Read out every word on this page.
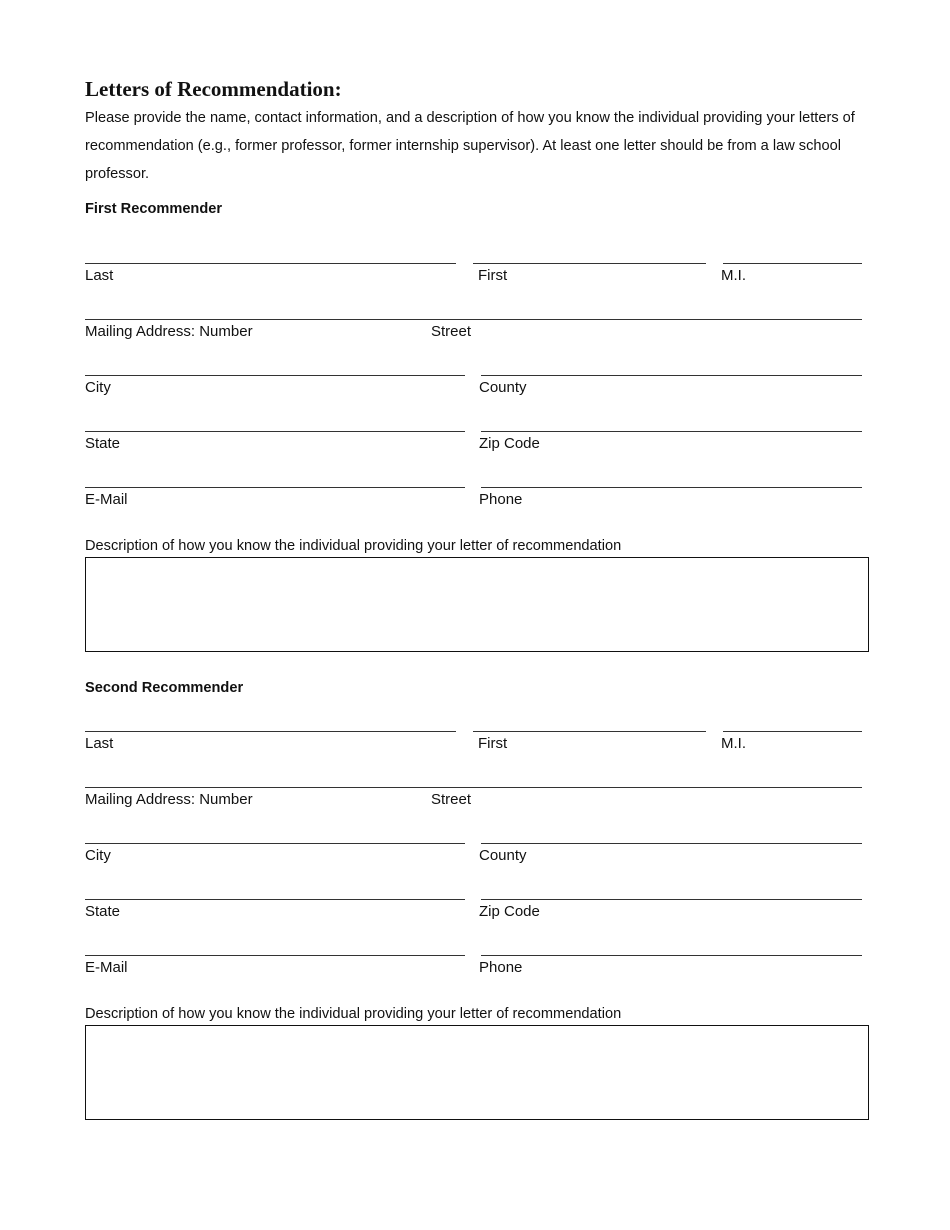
Letters of Recommendation:

Please provide the name, contact information, and a description of how you know the individual providing your letters of recommendation (e.g., former professor, former internship supervisor). At least one letter should be from a law school professor.

First Recommender
Last	First	M.I.
Mailing Address: Number	Street
City	County
State	Zip Code
E-Mail	Phone
Description of how you know the individual providing your letter of recommendation
Second Recommender
Last	First	M.I.
Mailing Address: Number	Street
City	County
State	Zip Code
E-Mail	Phone
Description of how you know the individual providing your letter of recommendation
